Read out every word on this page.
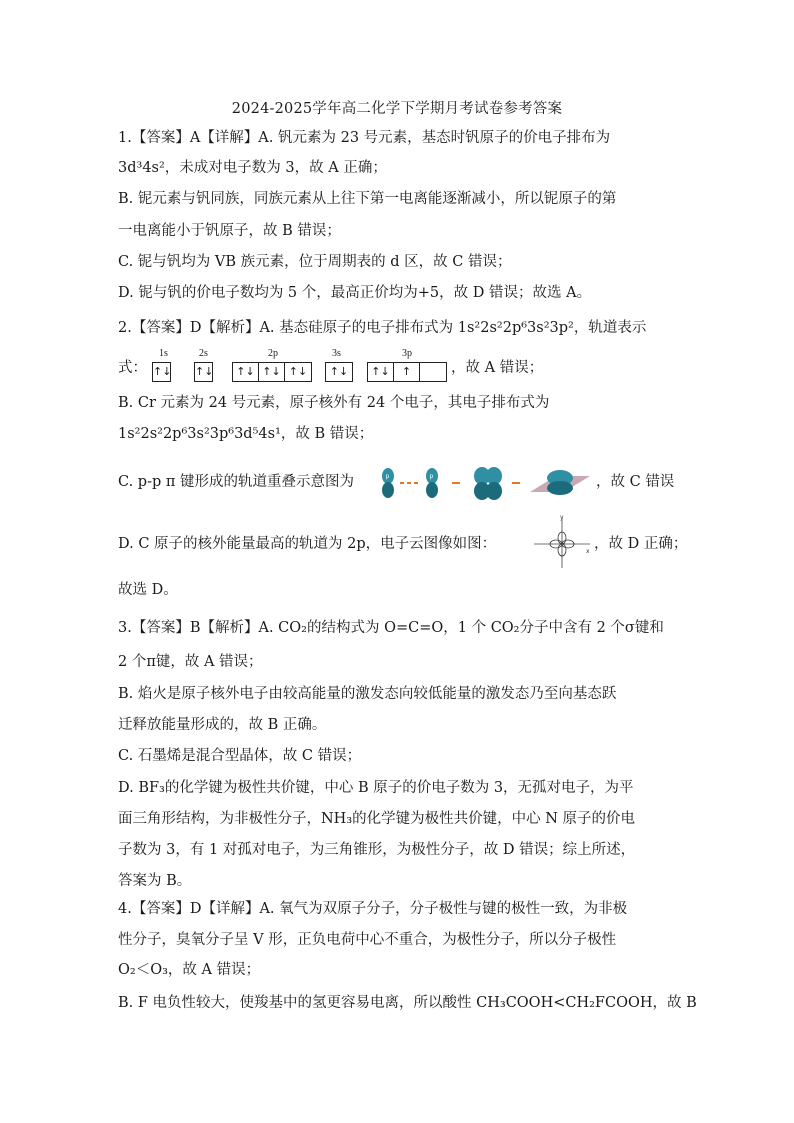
2024-2025学年高二化学下学期月考试卷参考答案
1.【答案】A【详解】A. 钒元素为 23 号元素，基态时钒原子的价电子排布为
3d³4s²，未成对电子数为 3，故 A 正确；
B. 铌元素与钒同族，同族元素从上往下第一电离能逐渐减小，所以铌原子的第
一电离能小于钒原子，故 B 错误；
C. 铌与钒均为 VB 族元素，位于周期表的 d 区，故 C 错误；
D. 铌与钒的价电子数均为 5 个，最高正价均为+5，故 D 错误；故选 A。
2.【答案】D【解析】A. 基态硅原子的电子排布式为 1s²2s²2p⁶3s²3p²，轨道表示
式：
1s
↑↓
2s
↑↓
2p
↑↓ ↑↓ ↑↓
3s
↑↓
3p
↑↓	↑	，故 A 错误；
B. Cr 元素为 24 号元素，原子核外有 24 个电子，其电子排布式为
1s²2s²2p⁶3s²3p⁶3d⁵4s¹，故 B 错误；
C. p-p π 键形成的轨道重叠示意图为	p	p	，故 C 错误
D. C 原子的核外能量最高的轨道为 2p，电子云图像如图：
y
x ，故 D 正确；
故选 D。
3.【答案】B【解析】A. CO₂的结构式为 O=C=O，1 个 CO₂分子中含有 2 个σ键和
2 个π键，故 A 错误；
B. 焰火是原子核外电子由较高能量的激发态向较低能量的激发态乃至向基态跃
迁释放能量形成的，故 B 正确。
C. 石墨烯是混合型晶体，故 C 错误；
D. BF₃的化学键为极性共价键，中心 B 原子的价电子数为 3，无孤对电子，为平
面三角形结构，为非极性分子，NH₃的化学键为极性共价键，中心 N 原子的价电
子数为 3，有 1 对孤对电子，为三角锥形，为极性分子，故 D 错误；综上所述，
答案为 B。
4.【答案】D【详解】A. 氧气为双原子分子，分子极性与键的极性一致，为非极
性分子，臭氧分子呈 V 形，正负电荷中心不重合，为极性分子，所以分子极性
O₂＜O₃，故 A 错误；
B. F 电负性较大，使羧基中的氢更容易电离，所以酸性 CH₃COOH<CH₂FCOOH，故 B
